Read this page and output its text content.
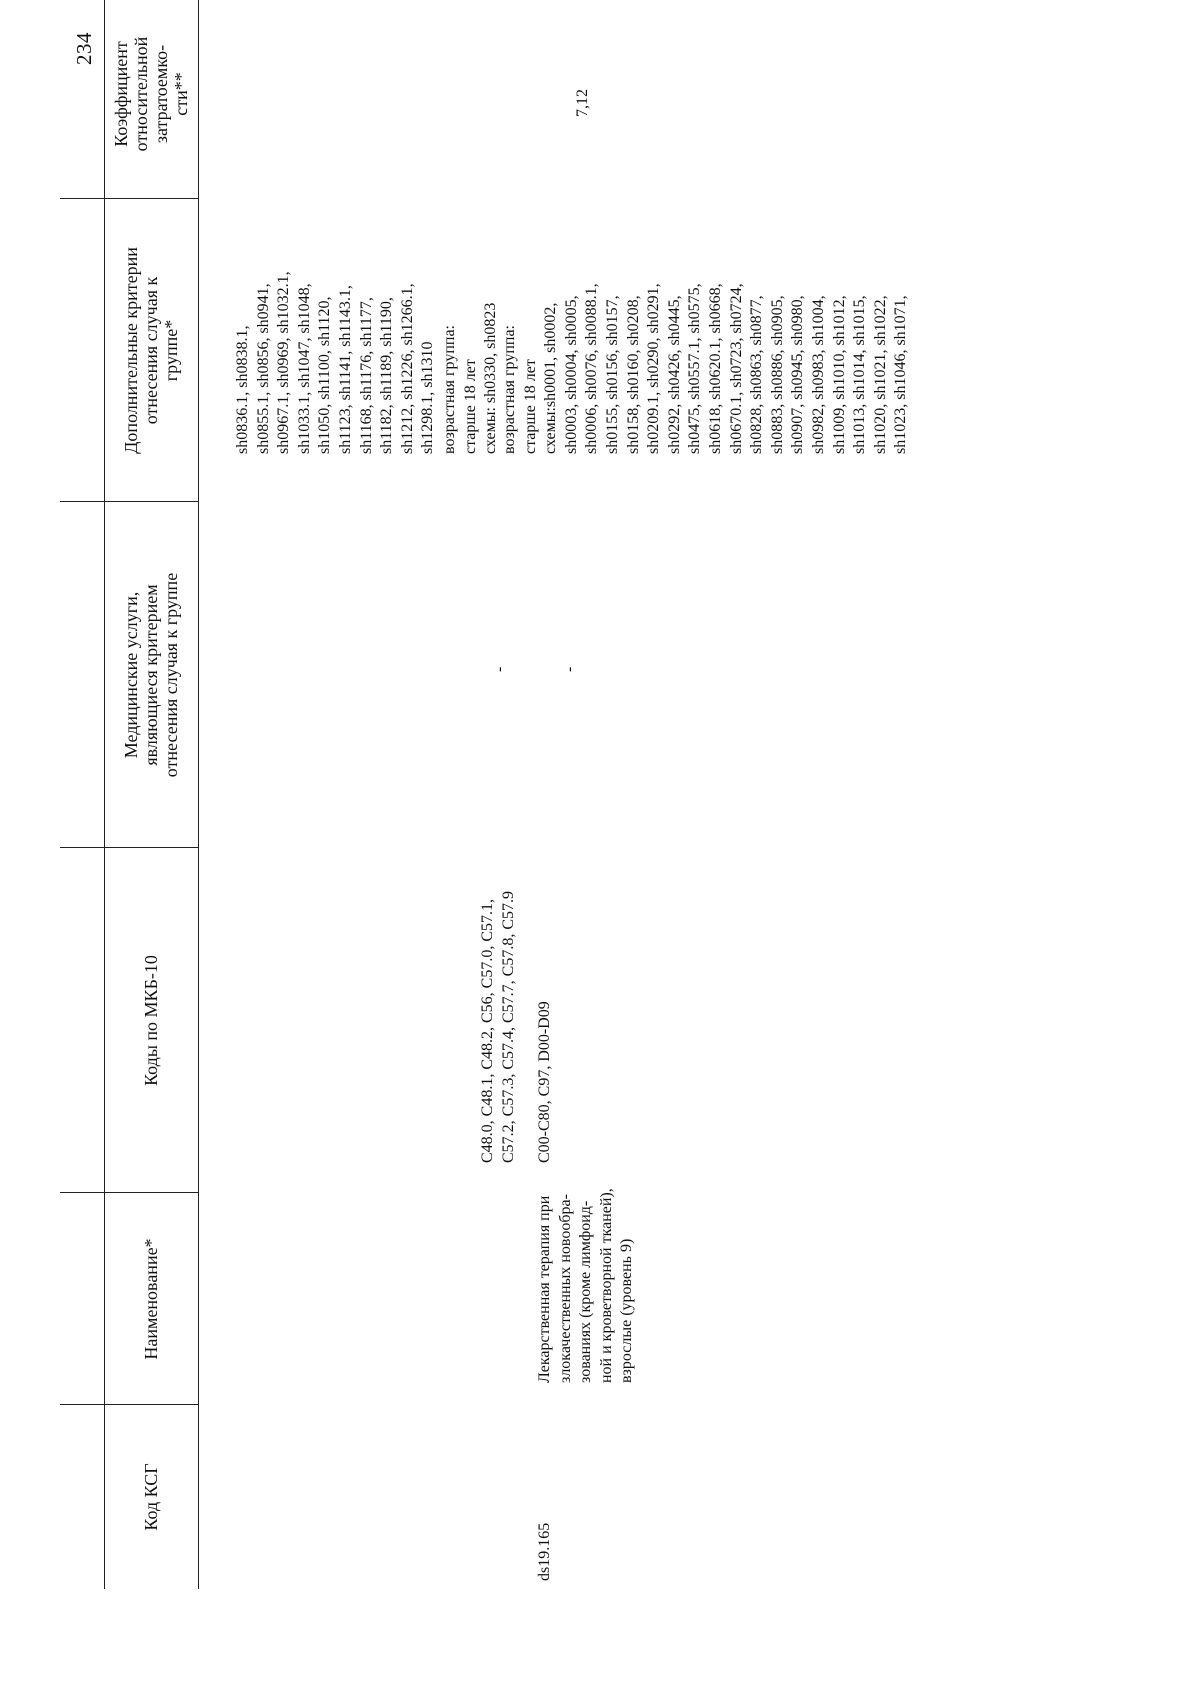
234
Код КСГ
Наименование*
Коды по МКБ-10
Медицинские услуги,
являющиеся критерием
отнесения случая к группе
Дополнительные критерии
отнесения случая к
группе*
Коэффициент
относительной
затратоемко-
сти**
sh0836.1, sh0838.1, sh0855.1, sh0856, sh0941, sh0967.1, sh0969, sh1032.1, sh1033.1, sh1047, sh1048, sh1050, sh1100, sh1120, sh1123, sh1141, sh1143.1, sh1168, sh1176, sh1177, sh1182, sh1189, sh1190, sh1212, sh1226, sh1266.1, sh1298.1, sh1310
C48.0, C48.1, C48.2, C56, C57.0, C57.1,
C57.2, C57.3, C57.4, C57.7, C57.8, C57.9
-
возрастная группа: старше 18 лет схемы: sh0330, sh0823
ds19.165
Лекарственная терапия при
злокачественных новообра-
зованиях (кроме лимфоид-
ной и кроветворной тканей),
взрослые (уровень 9)
C00-C80, C97, D00-D09
-
возрастная группа: старше 18 лет схемы:sh0001, sh0002, sh0003, sh0004, sh0005, sh0006, sh0076, sh0088.1, sh0155, sh0156, sh0157, sh0158, sh0160, sh0208, sh0209.1, sh0290, sh0291, sh0292, sh0426, sh0445, sh0475, sh0557.1, sh0575, sh0618, sh0620.1, sh0668, sh0670.1, sh0723, sh0724, sh0828, sh0863, sh0877, sh0883, sh0886, sh0905, sh0907, sh0945, sh0980, sh0982, sh0983, sh1004, sh1009, sh1010, sh1012, sh1013, sh1014, sh1015, sh1020, sh1021, sh1022, sh1023, sh1046, sh1071,
7,12
